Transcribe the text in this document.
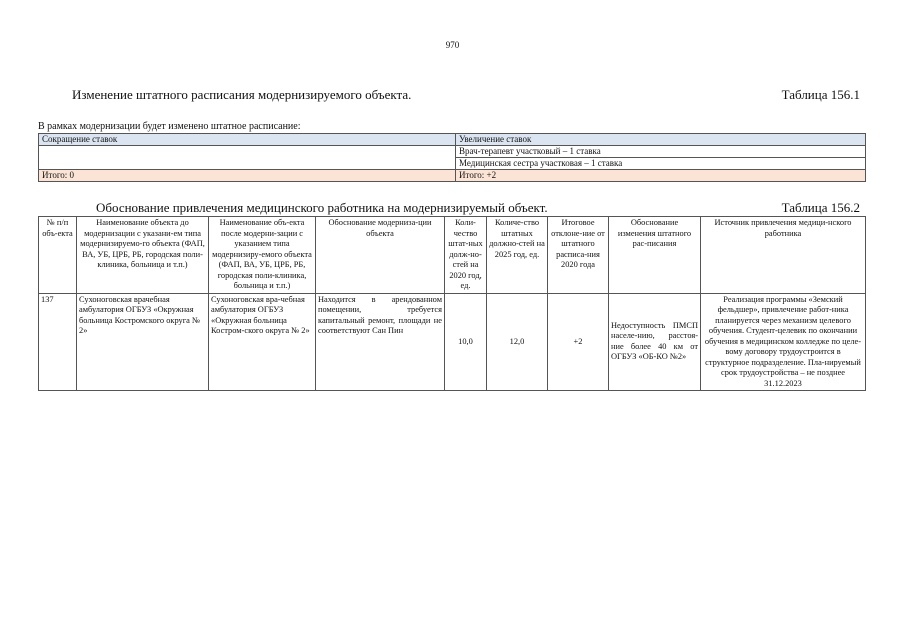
970
Изменение штатного расписания модернизируемого объекта.	Таблица 156.1
В рамках модернизации будет изменено штатное расписание:
Сокращение ставок	Увеличение ставок
	Врач-терапевт участковый – 1 ставка
	Медицинская сестра участковая – 1 ставка
Итого: 0	Итого: +2
Обоснование привлечения медицинского работника на модернизируемый объект.	Таблица 156.2
№ п/п объ-екта	Наименование объекта до модернизации с указани-ем типа модернизируемо-го объекта (ФАП, ВА, УБ, ЦРБ, РБ, городская поли-клиника, больница и т.п.)	Наименование объ-екта после модерни-зации с указанием типа модернизиру-емого объекта (ФАП, ВА, УБ, ЦРБ, РБ, городская поли-клиника, больница и т.п.)	Обоснование модерниза-ции объекта	Коли-чество штат-ных долж-но-стей на 2020 год, ед.	Количе-ство штатных должно-стей на 2025 год, ед.	Итоговое отклоне-ние от штатного расписа-ния 2020 года	Обоснование изменения штатного рас-писания	Источник привлечения медици-нского работника
137	Сухоноговская врачебная амбулатория ОГБУЗ «Окружная больница Костромского округа № 2»	Сухоноговская вра-чебная амбулатория ОГБУЗ «Окружная больница Костром-ского округа № 2»	Находится в арендованном помещении, требуется капитальный ремонт, площади не соответствуют Сан Пин	10,0	12,0	+2	Недоступность ПМСП населе-нию, расстоя-ние более 40 км от ОГБУЗ «ОБ-КО №2»	Реализация программы «Земский фельдшер», привлечение работ-ника планируется через механизм целевого обучения. Студент-целевик по окончании обучения в медицинском колледже по целе-вому договору трудоустроится в структурное подразделение. Пла-нируемый срок трудоустройства – не позднее 31.12.2023
